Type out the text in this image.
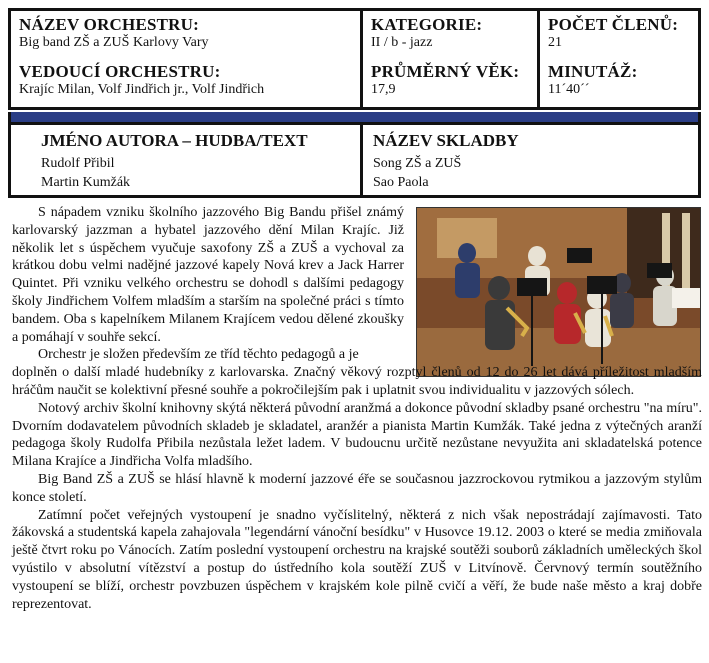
NÁZEV ORCHESTRU:
Big band ZŠ a ZUŠ Karlovy Vary
VEDOUCÍ ORCHESTRU:
Krajíc Milan, Volf Jindřich jr., Volf Jindřich
KATEGORIE:
II / b - jazz
PRŮMĚRNÝ VĚK:
17,9
POČET ČLENŮ:
21
MINUTÁŽ:
11´40´´
JMÉNO AUTORA – HUDBA/TEXT
Rudolf Přibil
Martin Kumžák
NÁZEV SKLADBY
Song ZŠ a ZUŠ
Sao Paola

S nápadem vzniku školního jazzového Big Bandu přišel známý karlovarský jazzman a hybatel jazzového dění Milan Krajíc. Již několik let s úspěchem vyučuje saxofony ZŠ a ZUŠ a vychoval za krátkou dobu velmi nadějné jazzové kapely Nová krev a Jack Harrer Quintet. Při vzniku velkého orchestru se dohodl s dalšími pedagogy školy Jindřichem Volfem mladším a starším na společné práci s tímto bandem. Oba s kapelníkem Milanem Krajícem vedou dělené zkoušky a pomáhají v souhře sekcí.

Orchestr je složen především ze tříd těchto pedagogů a je

doplněn o další mladé hudebníky z karlovarska. Značný věkový rozptyl členů od 12 do 26 let dává příležitost mladším hráčům naučit se kolektivní přesné souhře a pokročilejším pak i uplatnit svou individualitu v jazzových sólech.

Notový archiv školní knihovny skýtá některá původní aranžmá a dokonce původní skladby psané orchestru "na míru". Dvorním dodavatelem původních skladeb je skladatel, aranžér a pianista Martin Kumžák. Také jedna z výtečných aranží pedagoga školy Rudolfa Přibila nezůstala ležet ladem. V budoucnu určitě nezůstane nevyužita ani skladatelská potence Milana Krajíce a Jindřicha Volfa mladšího.

Big Band ZŠ a ZUŠ se hlásí hlavně k moderní jazzové éře se současnou jazzrockovou rytmikou a jazzovým stylům konce století.

Zatímní počet veřejných vystoupení je snadno vyčíslitelný, některá z nich však nepostrádají zajímavosti. Tato žákovská a studentská kapela zahajovala "legendární vánoční besídku" v Husovce 19.12. 2003 o které se media zmiňovala ještě čtvrt roku po Vánocích. Zatím poslední vystoupení orchestru na krajské soutěži souborů základních uměleckých škol vyústilo v absolutní vítězství a postup do ústředního kola soutěží ZUŠ v Litvínově. Červnový termín soutěžního vystoupení se blíží, orchestr povzbuzen úspěchem v krajském kole pilně cvičí a věří, že bude naše město a kraj dobře reprezentovat.
